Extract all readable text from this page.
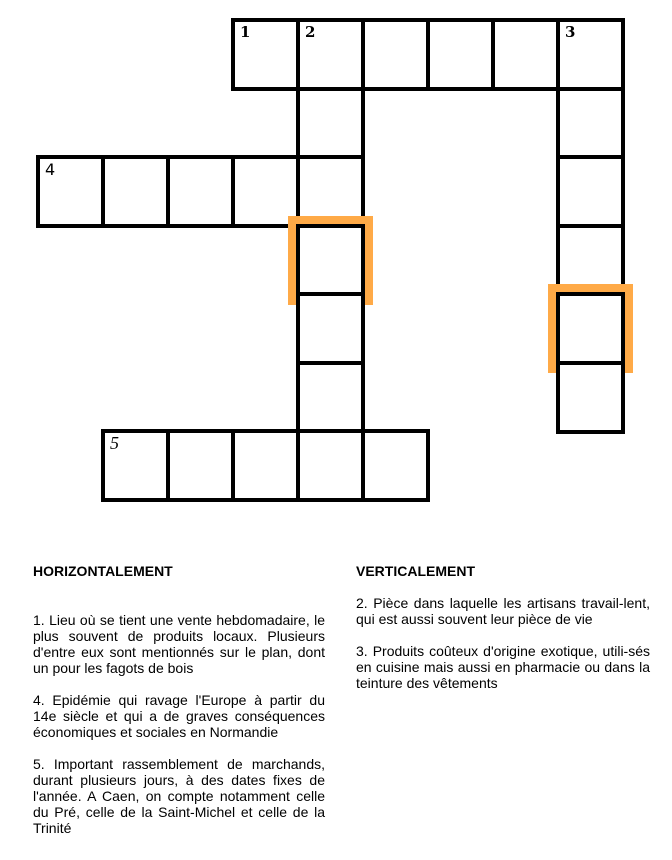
1	2	3
4
5
HORIZONTALEMENT

1. Lieu où se tient une vente hebdomadaire, le plus souvent de produits locaux. Plusieurs d'entre eux sont mentionnés sur le plan, dont un pour les fagots de bois

4. Epidémie qui ravage l'Europe à partir du 14e siècle et qui a de graves conséquences économiques et sociales en Normandie

5. Important rassemblement de marchands, durant plusieurs jours, à des dates fixes de l'année. A Caen, on compte notamment celle du Pré, celle de la Saint-Michel et celle de la Trinité

VERTICALEMENT

2. Pièce dans laquelle les artisans travail-lent, qui est aussi souvent leur pièce de vie

3. Produits coûteux d'origine exotique, utili-sés en cuisine mais aussi en pharmacie ou dans la teinture des vêtements
